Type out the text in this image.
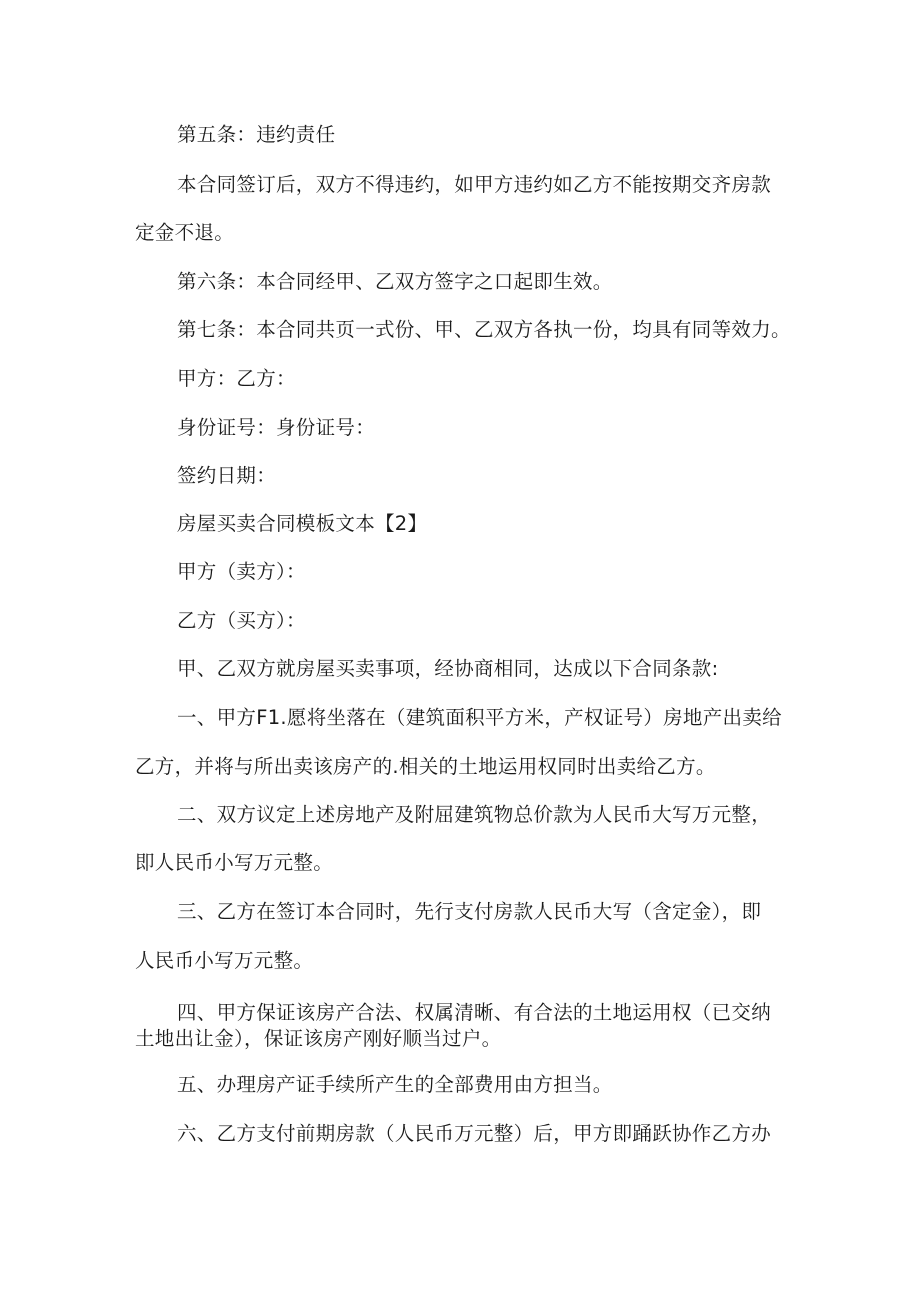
第五条：违约责任

本合同签订后，双方不得违约，如甲方违约如乙方不能按期交齐房款

定金不退。

第六条：本合同经甲、乙双方签字之口起即生效。

第七条：本合同共页一式份、甲、乙双方各执一份，均具有同等效力。

甲方：乙方：

身份证号：身份证号：

签约日期：

房屋买卖合同模板文本【2】

甲方（卖方）：

乙方（买方）：

甲、乙双方就房屋买卖事项，经协商相同，达成以下合同条款:

一、甲方F1.愿将坐落在（建筑面积平方米，产权证号）房地产出卖给

乙方，并将与所出卖该房产的.相关的土地运用权同时出卖给乙方。

二、双方议定上述房地产及附屈建筑物总价款为人民币大写万元整，

即人民币小写万元整。

三、乙方在签订本合同时，先行支付房款人民币大写（含定金），即

人民币小写万元整。

四、甲方保证该房产合法、权属清晰、有合法的土地运用权（已交纳

土地出让金），保证该房产刚好顺当过户。

五、办理房产证手续所产生的全部费用由方担当。

六、乙方支付前期房款（人民币万元整）后，甲方即踊跃协作乙方办
